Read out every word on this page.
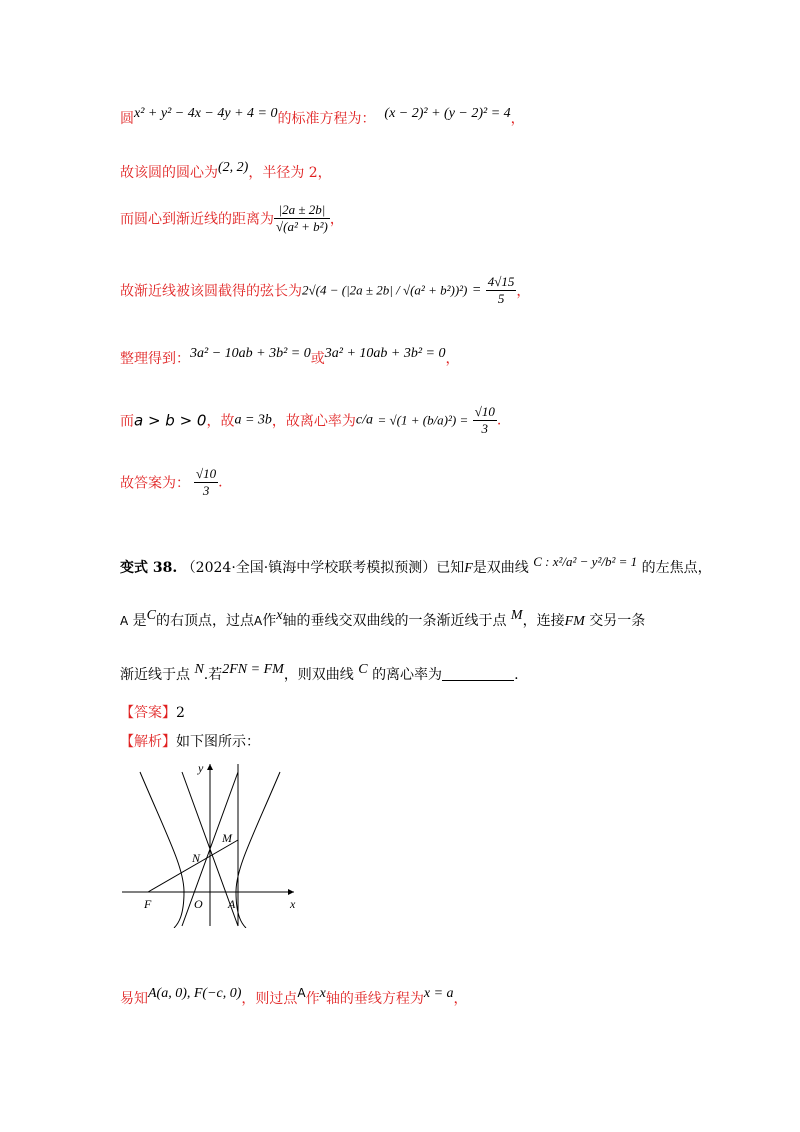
圆x² + y² − 4x − 4y + 4 = 0的标准方程为： (x − 2)² + (y − 2)² = 4，
故该圆的圆心为(2, 2)，半径为 2，
而圆心到渐近线的距离为 $\frac{|2a \pm 2b|}{\text{√(a² + b²)}}$ ，
故渐近线被该圆截得的弦长为$2√(4 - (|2a \pm 2b| / √(a^2 + b^2))^2) = \frac{4√15}{5}$ ，
整理得到：3a² − 10ab + 3b² = 0或3a² + 10ab + 3b² = 0，
而a > b > 0，故a = 3b，故离心率为$c/a = √(1 + (b/a)^2) = \frac{√10}{3}$ .
故答案为： $\frac{√10}{3}$ .
变式 38. （2024·全国·镇海中学校联考模拟预测）已知F是双曲线 C : x²/a² − y²/b² = 1 的左焦点，
A 是C的右顶点，过点A作x轴的垂线交双曲线的一条渐近线于点 M，连接FM 交另一条
渐近线于点 N.若2FN = FM，则双曲线 C 的离心率为	.
【答案】2
【解析】如下图所示：
y
x
M
N
F	O A
易知A(a, 0), F(−c, 0)，则过点A作x轴的垂线方程为x = a，
